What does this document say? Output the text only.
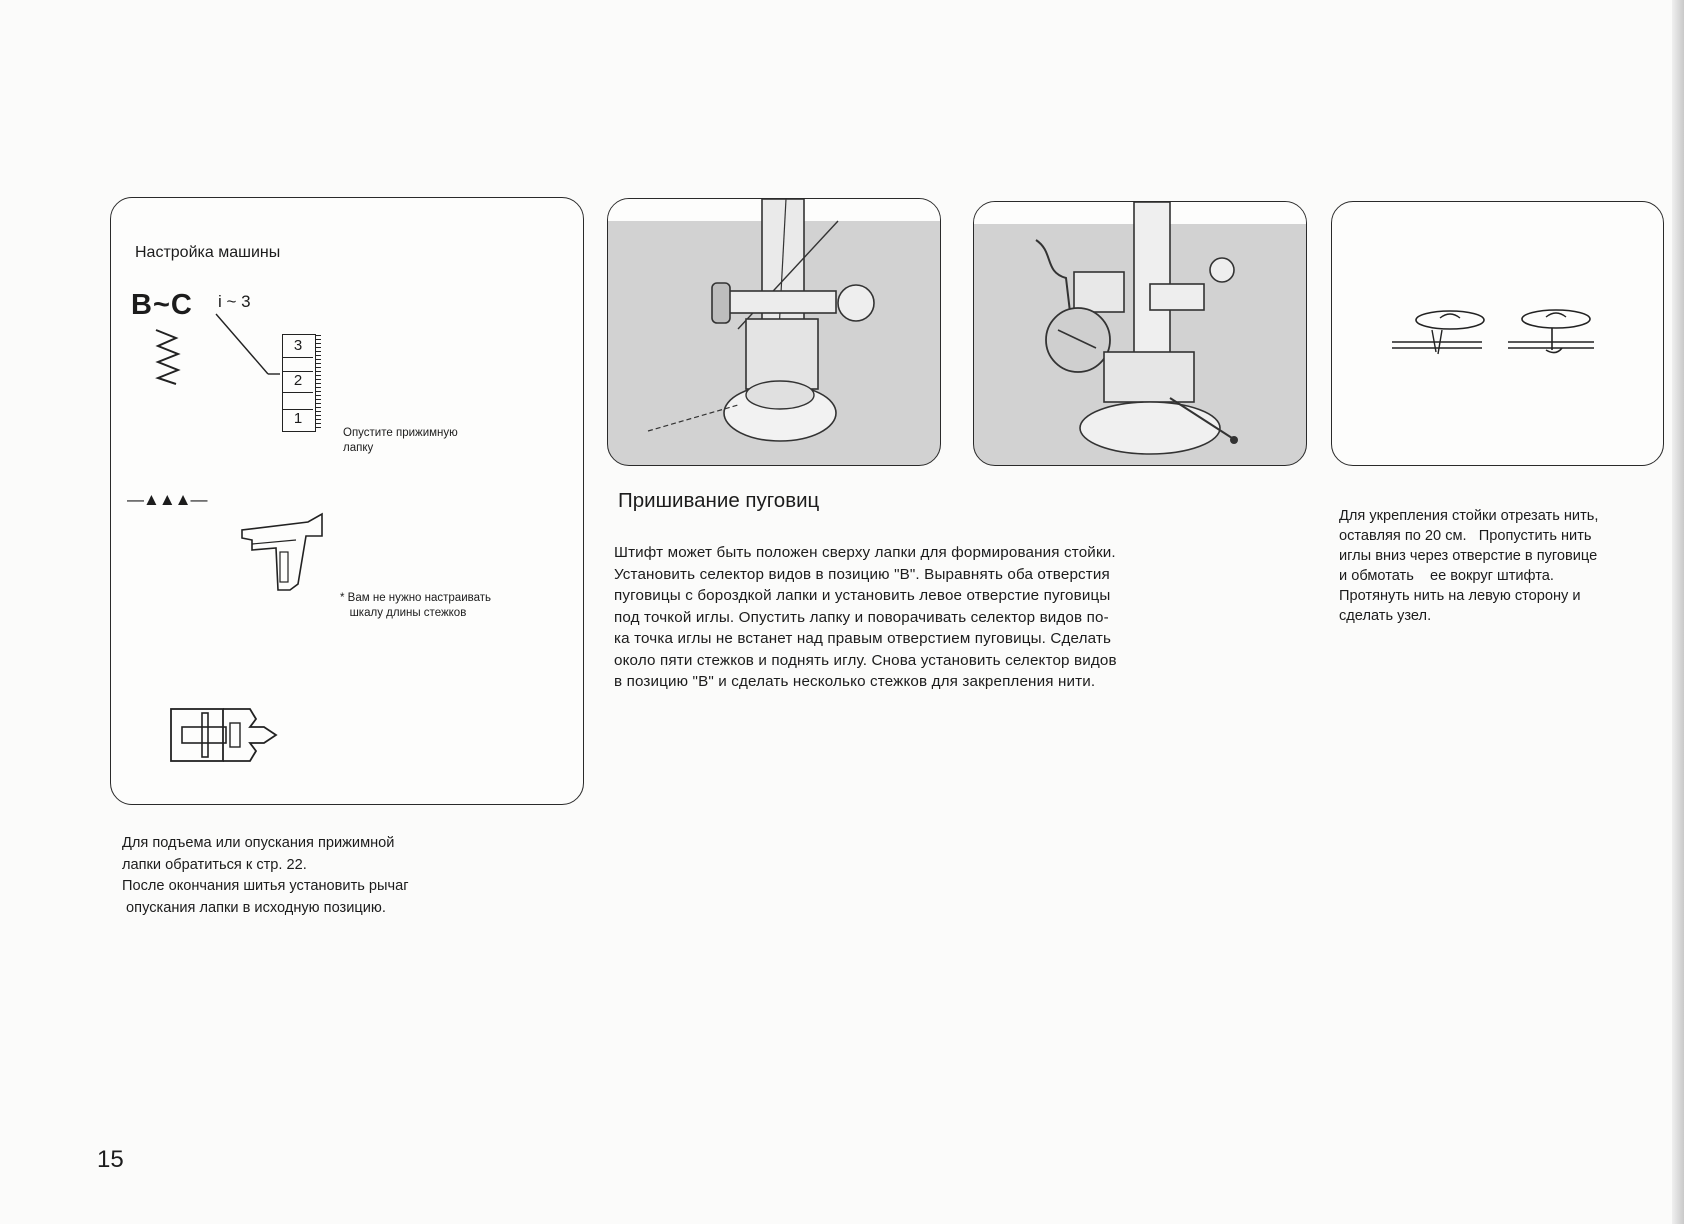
Настройка машины
B~C i ~ 3
3
2
1
Опустите прижимную
лапку
—▲▲▲—
* Вам не нужно настраивать
шкалу длины стежков
Для подъема или опускания прижимной
лапки обратиться к стр. 22.
После окончания шитья установить рычаг
опускания лапки в исходную позицию.
Пришивание пуговиц
Штифт может быть положен сверху лапки для формирования стойки.
Установить селектор видов в позицию "В". Выравнять оба отверстия
пуговицы с бороздкой лапки и установить левое отверстие пуговицы
под точкой иглы. Опустить лапку и поворачивать селектор видов по-
ка точка иглы не встанет над правым отверстием пуговицы. Сделать
около пяти стежков и поднять иглу. Снова установить селектор видов
в позицию "В" и сделать несколько стежков для закрепления нити.
Для укрепления стойки отрезать нить,
оставляя по 20 см.   Пропустить нить
иглы вниз через отверстие в пуговице
и обмотать    ее вокруг штифта.
Протянуть нить на левую сторону и
сделать узел.
15
